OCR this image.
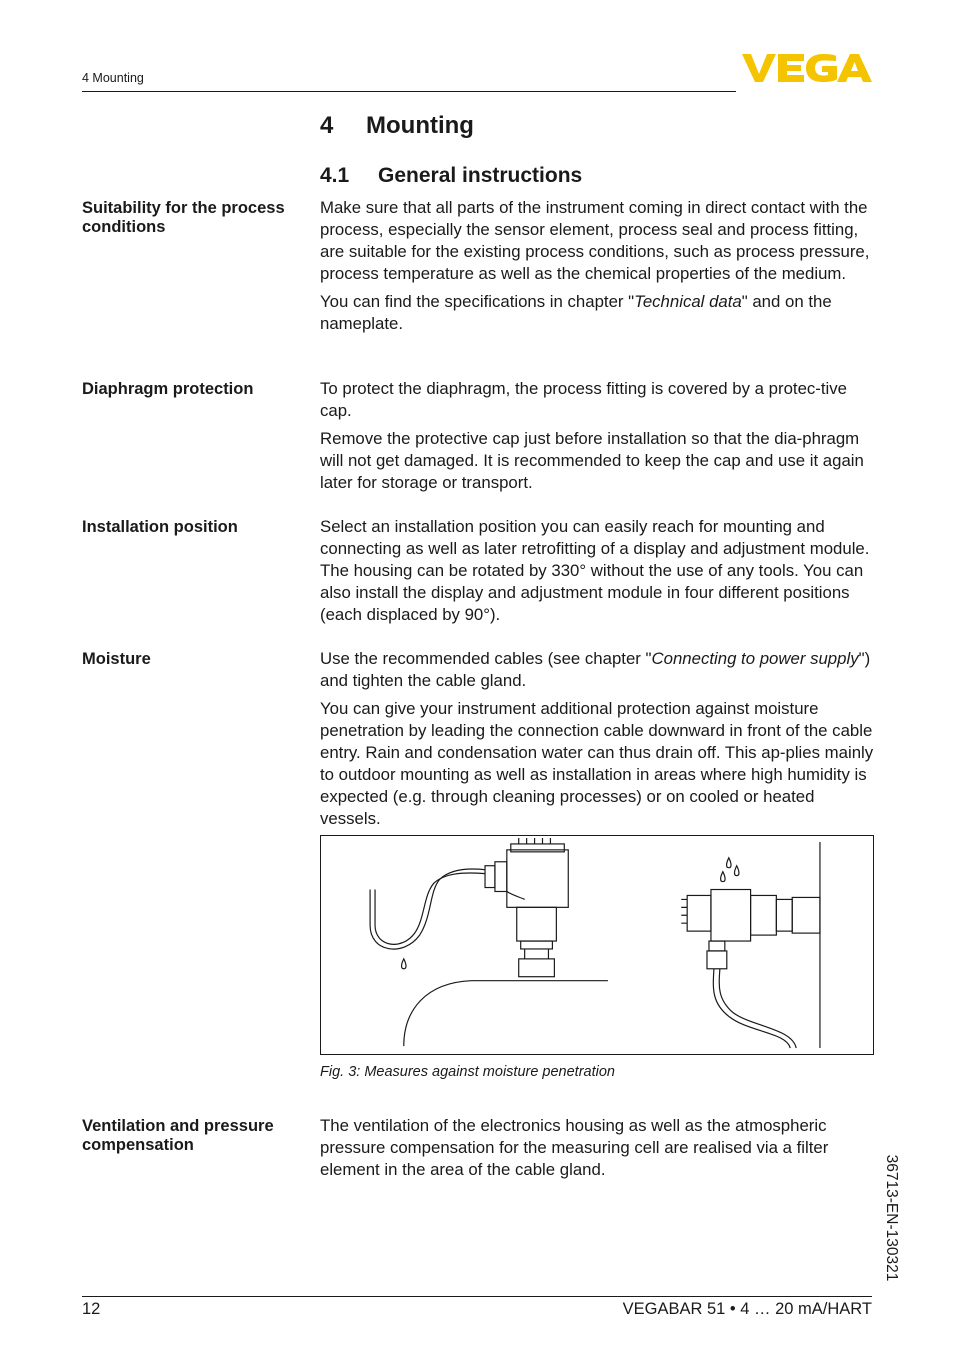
4 Mounting
4 Mounting
4.1 General instructions
Suitability for the process conditions

Make sure that all parts of the instrument coming in direct contact with the process, especially the sensor element, process seal and process fitting, are suitable for the existing process conditions, such as process pressure, process temperature as well as the chemical properties of the medium.

You can find the specifications in chapter "Technical data" and on the nameplate.

Diaphragm protection	To protect the diaphragm, the process fitting is covered by a protec-tive cap.

Remove the protective cap just before installation so that the dia-phragm will not get damaged. It is recommended to keep the cap and use it again later for storage or transport.

Installation position	Select an installation position you can easily reach for mounting and connecting as well as later retrofitting of a display and adjustment module. The housing can be rotated by 330° without the use of any tools. You can also install the display and adjustment module in four different positions (each displaced by 90°).

Moisture	Use the recommended cables (see chapter "Connecting to power supply") and tighten the cable gland.

You can give your instrument additional protection against moisture penetration by leading the connection cable downward in front of the cable entry. Rain and condensation water can thus drain off. This ap-plies mainly to outdoor mounting as well as installation in areas where high humidity is expected (e.g. through cleaning processes) or on cooled or heated vessels.

Fig. 3: Measures against moisture penetration
Ventilation and pressure compensation

The ventilation of the electronics housing as well as the atmospheric pressure compensation for the measuring cell are realised via a filter element in the area of the cable gland.	36713-EN-130321
12	VEGABAR 51 • 4 … 20 mA/HART
